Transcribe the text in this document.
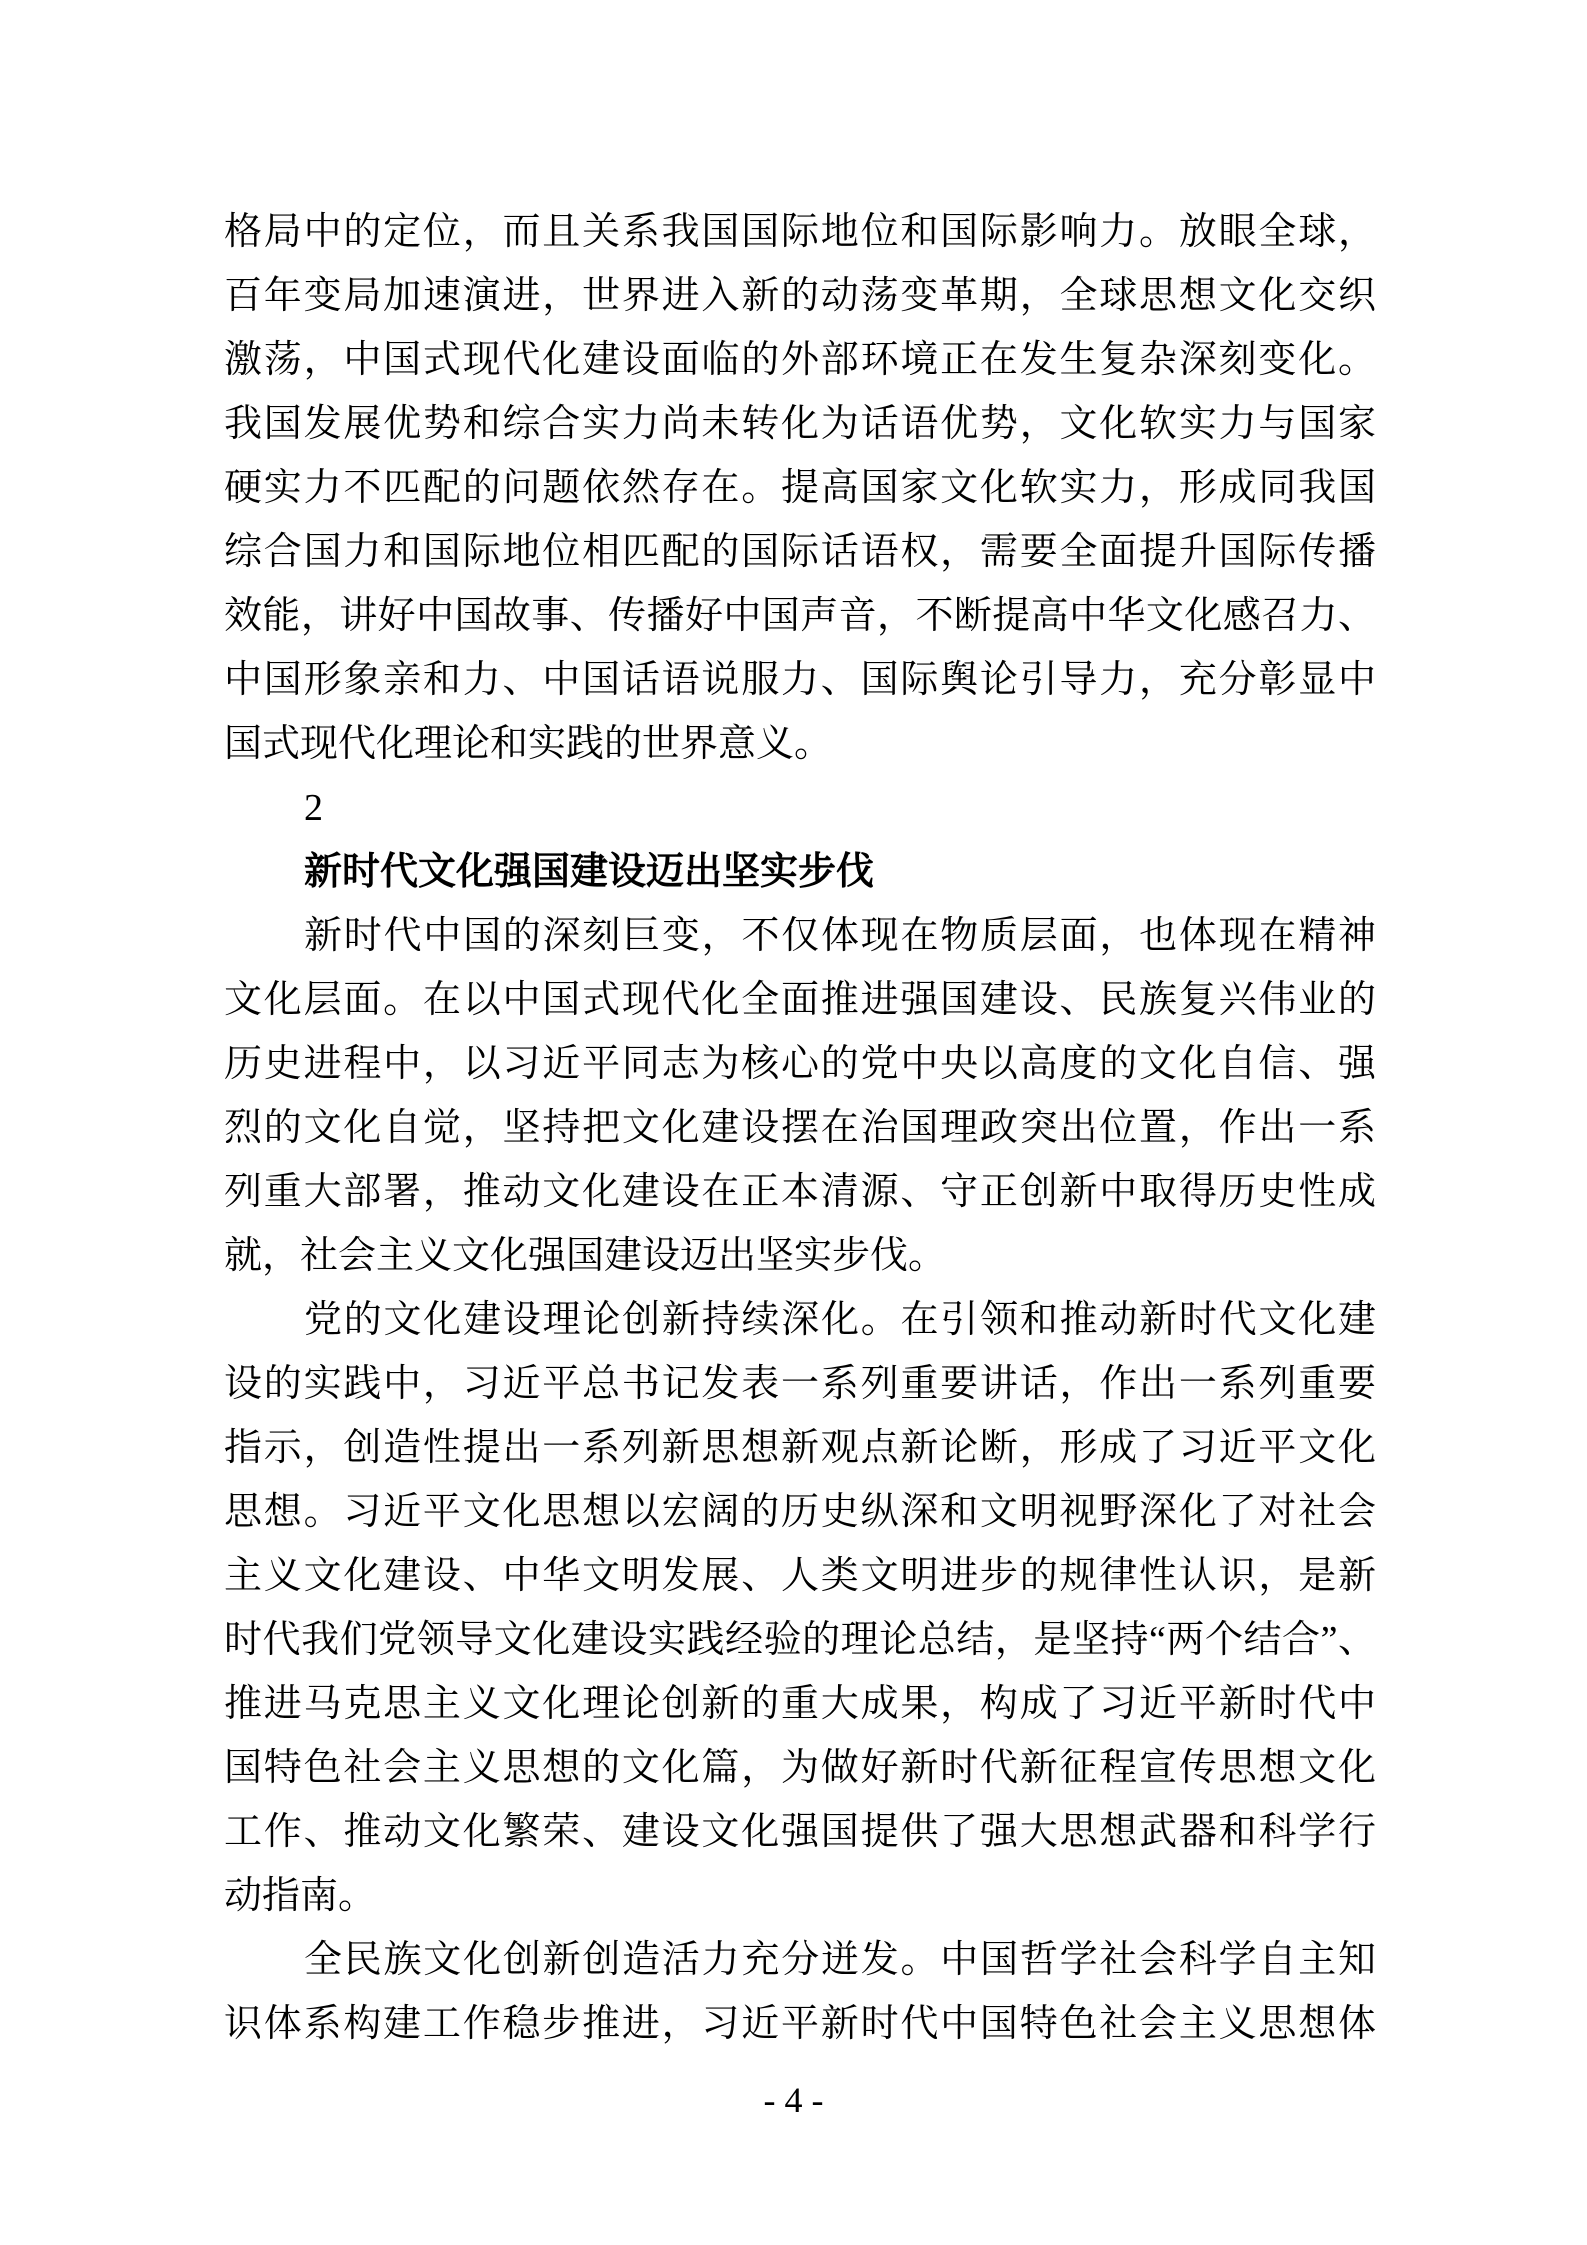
格局中的定位，而且关系我国国际地位和国际影响力。放眼全球，
百年变局加速演进，世界进入新的动荡变革期，全球思想文化交织
激荡，中国式现代化建设面临的外部环境正在发生复杂深刻变化。
我国发展优势和综合实力尚未转化为话语优势，文化软实力与国家
硬实力不匹配的问题依然存在。提高国家文化软实力，形成同我国
综合国力和国际地位相匹配的国际话语权，需要全面提升国际传播
效能，讲好中国故事、传播好中国声音，不断提高中华文化感召力、
中国形象亲和力、中国话语说服力、国际舆论引导力，充分彰显中
国式现代化理论和实践的世界意义。
2
新时代文化强国建设迈出坚实步伐
新时代中国的深刻巨变，不仅体现在物质层面，也体现在精神
文化层面。在以中国式现代化全面推进强国建设、民族复兴伟业的
历史进程中，以习近平同志为核心的党中央以高度的文化自信、强
烈的文化自觉，坚持把文化建设摆在治国理政突出位置，作出一系
列重大部署，推动文化建设在正本清源、守正创新中取得历史性成
就，社会主义文化强国建设迈出坚实步伐。
党的文化建设理论创新持续深化。在引领和推动新时代文化建
设的实践中，习近平总书记发表一系列重要讲话，作出一系列重要
指示，创造性提出一系列新思想新观点新论断，形成了习近平文化
思想。习近平文化思想以宏阔的历史纵深和文明视野深化了对社会
主义文化建设、中华文明发展、人类文明进步的规律性认识，是新
时代我们党领导文化建设实践经验的理论总结，是坚持“两个结合”、
推进马克思主义文化理论创新的重大成果，构成了习近平新时代中
国特色社会主义思想的文化篇，为做好新时代新征程宣传思想文化
工作、推动文化繁荣、建设文化强国提供了强大思想武器和科学行
动指南。
全民族文化创新创造活力充分迸发。中国哲学社会科学自主知
识体系构建工作稳步推进，习近平新时代中国特色社会主义思想体
- 4 -
